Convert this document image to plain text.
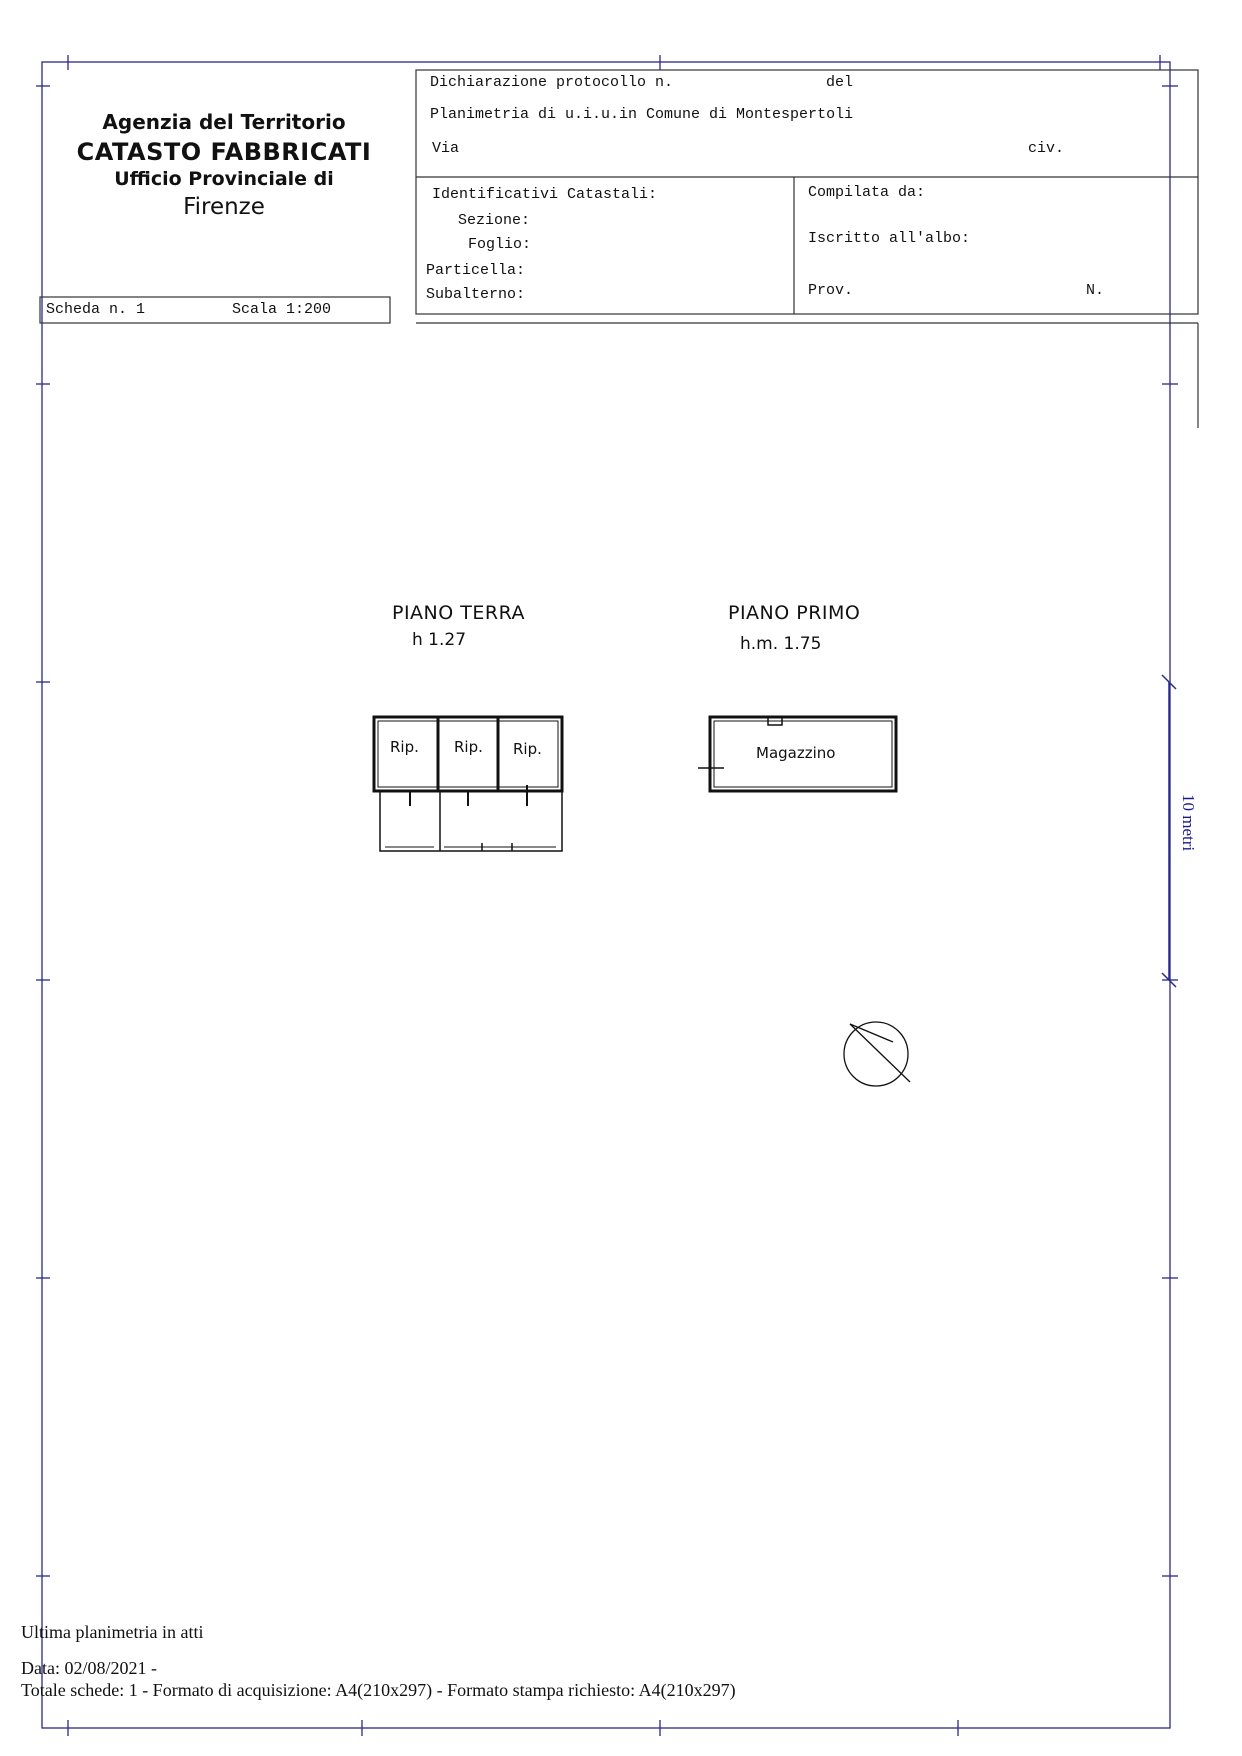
Agenzia del Territorio
CATASTO FABBRICATI
Ufficio Provinciale di
Firenze
Dichiarazione protocollo n.	del
Planimetria di u.i.u.in Comune di Montespertoli
Via	civ.
Identificativi Catastali:
Sezione:
Foglio:
Particella:
Subalterno:
Compilata da:
Iscritto all'albo:
Prov.	N.
Scheda n. 1	Scala 1:200
PIANO TERRA
h 1.27
PIANO PRIMO
h.m. 1.75
Rip. Rip. Rip.	Magazzino
10 metri
Ultima planimetria in atti
Data: 02/08/2021 -
Totale schede: 1 - Formato di acquisizione: A4(210x297) - Formato stampa richiesto: A4(210x297)
